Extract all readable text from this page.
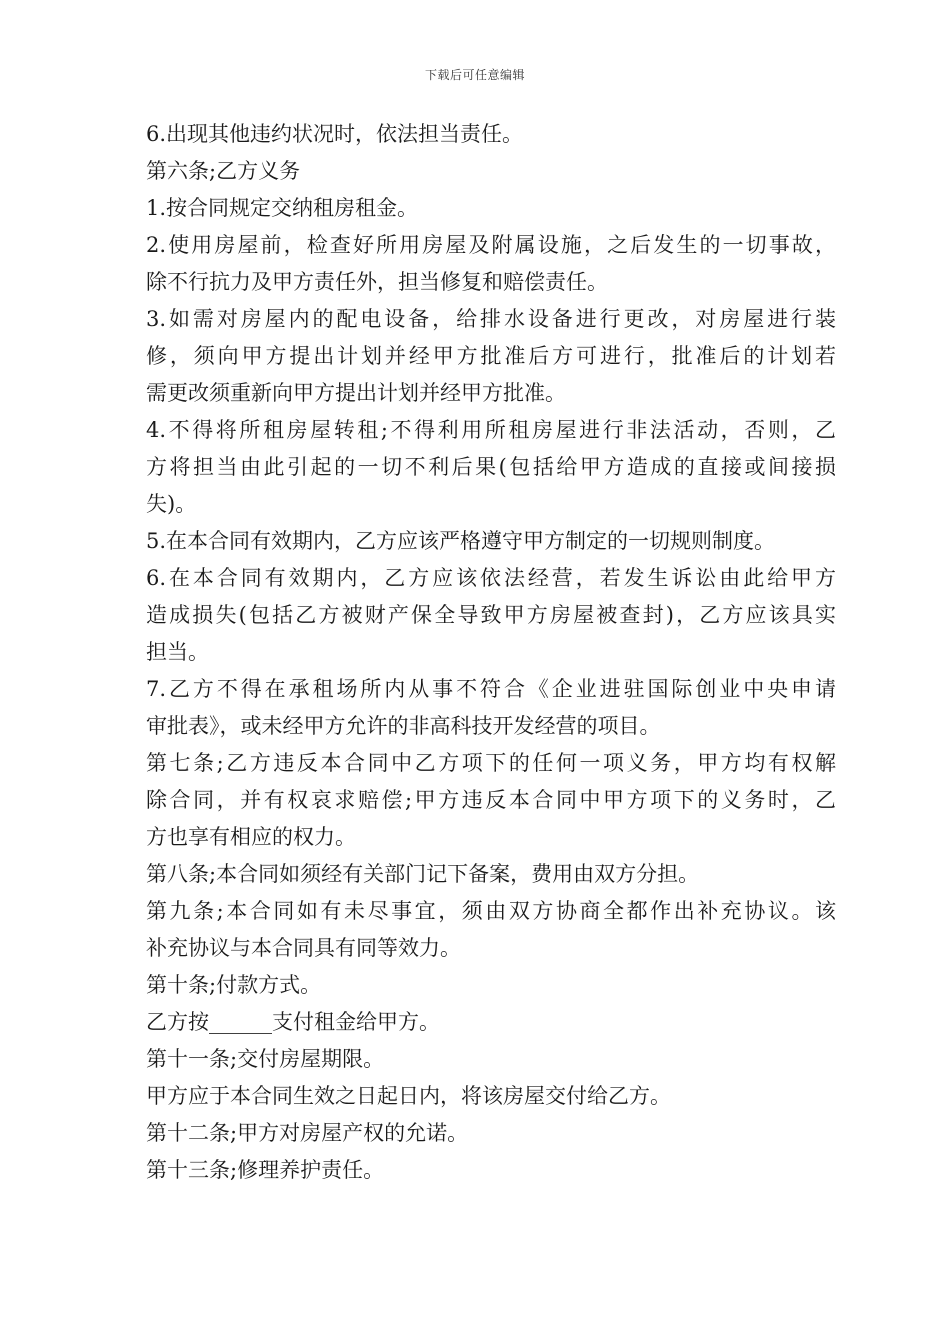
下载后可任意编辑
6.出现其他违约状况时，依法担当责任。
第六条;乙方义务
1.按合同规定交纳租房租金。
2.使用房屋前，检查好所用房屋及附属设施，之后发生的一切事故，
除不行抗力及甲方责任外，担当修复和赔偿责任。
3.如需对房屋内的配电设备，给排水设备进行更改，对房屋进行装
修，须向甲方提出计划并经甲方批准后方可进行，批准后的计划若
需更改须重新向甲方提出计划并经甲方批准。
4.不得将所租房屋转租;不得利用所租房屋进行非法活动，否则，乙
方将担当由此引起的一切不利后果(包括给甲方造成的直接或间接损
失)。
5.在本合同有效期内，乙方应该严格遵守甲方制定的一切规则制度。
6.在本合同有效期内，乙方应该依法经营，若发生诉讼由此给甲方
造成损失(包括乙方被财产保全导致甲方房屋被查封)，乙方应该具实
担当。
7.乙方不得在承租场所内从事不符合《企业进驻国际创业中央申请
审批表》，或未经甲方允许的非高科技开发经营的项目。
第七条;乙方违反本合同中乙方项下的任何一项义务，甲方均有权解
除合同，并有权哀求赔偿;甲方违反本合同中甲方项下的义务时，乙
方也享有相应的权力。
第八条;本合同如须经有关部门记下备案，费用由双方分担。
第九条;本合同如有未尽事宜，须由双方协商全都作出补充协议。该
补充协议与本合同具有同等效力。
第十条;付款方式。
乙方按______支付租金给甲方。
第十一条;交付房屋期限。
甲方应于本合同生效之日起日内，将该房屋交付给乙方。
第十二条;甲方对房屋产权的允诺。
第十三条;修理养护责任。
